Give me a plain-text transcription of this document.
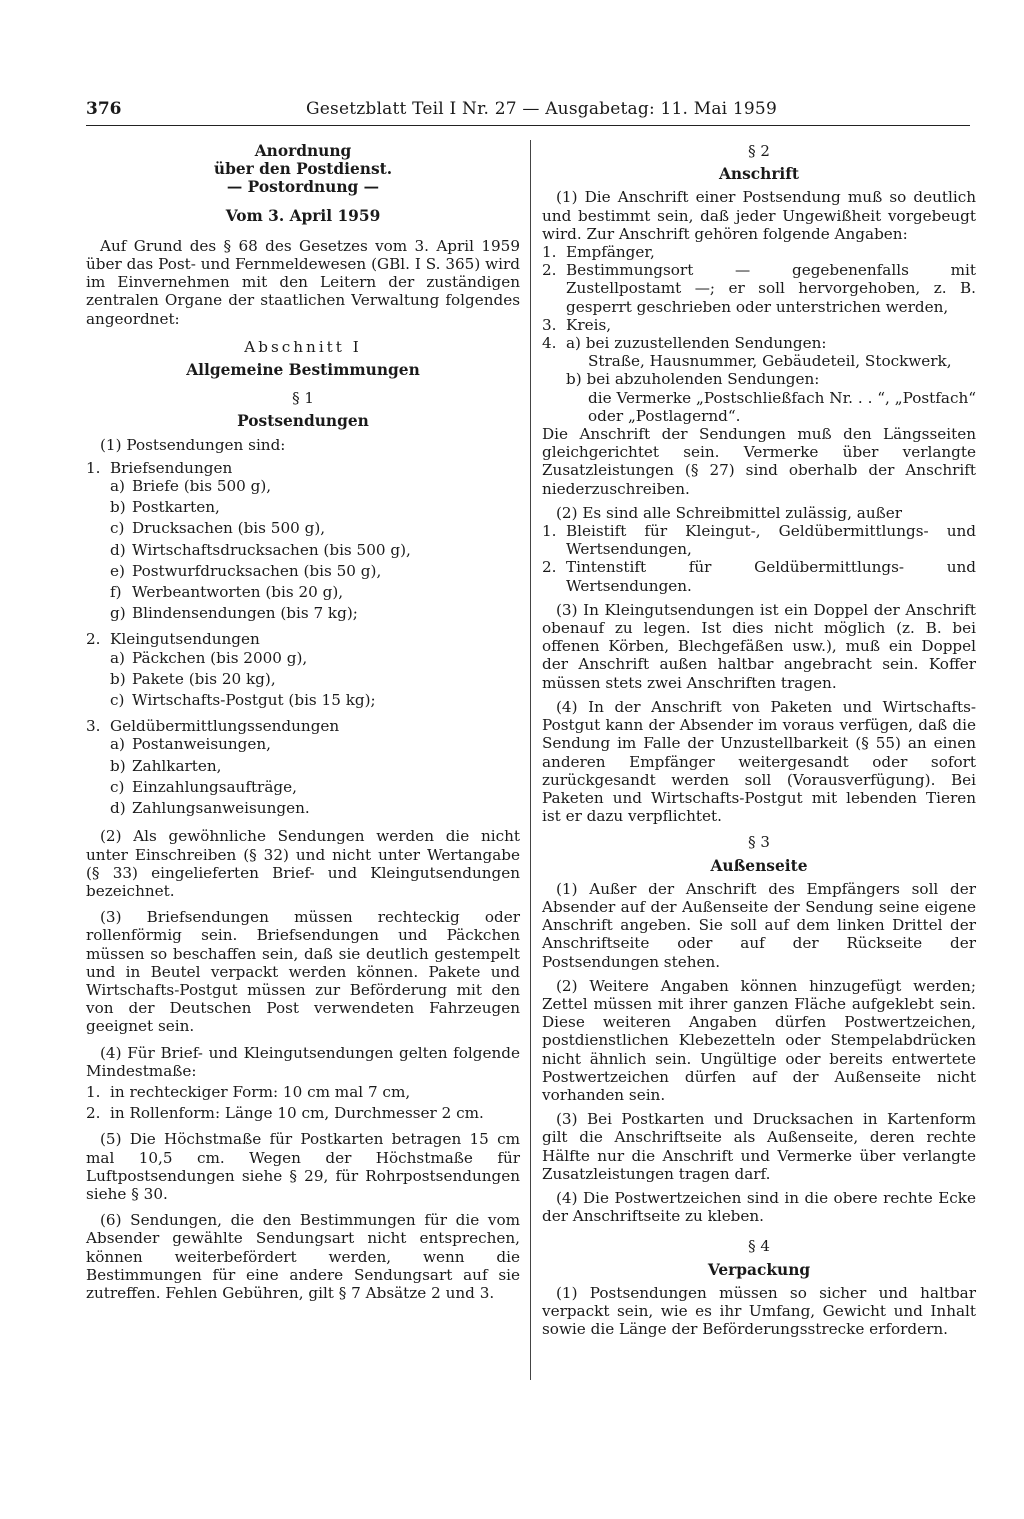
376	Gesetzblatt Teil I Nr. 27 — Ausgabetag: 11. Mai 1959
Anordnung
über den Postdienst.
— Postordnung —
Vom 3. April 1959

Auf Grund des § 68 des Gesetzes vom 3. April 1959 über das Post- und Fernmeldewesen (GBl. I S. 365) wird im Einvernehmen mit den Leitern der zuständigen zentralen Organe der staatlichen Verwaltung folgendes angeordnet:

Abschnitt I
Allgemeine Bestimmungen
§ 1
Postsendungen

(1) Postsendungen sind:

1. Briefsendungen
a) Briefe (bis 500 g),
b) Postkarten,
c) Drucksachen (bis 500 g),
d) Wirtschaftsdrucksachen (bis 500 g),
e) Postwurfdrucksachen (bis 50 g),
f) Werbeantworten (bis 20 g),
g) Blindensendungen (bis 7 kg);
2. Kleingutsendungen
a) Päckchen (bis 2000 g),
b) Pakete (bis 20 kg),
c) Wirtschafts-Postgut (bis 15 kg);
3. Geldübermittlungssendungen
a) Postanweisungen,
b) Zahlkarten,
c) Einzahlungsaufträge,
d) Zahlungsanweisungen.

(2) Als gewöhnliche Sendungen werden die nicht unter Einschreiben (§ 32) und nicht unter Wertangabe (§ 33) eingelieferten Brief- und Kleingutsendungen bezeichnet.

(3) Briefsendungen müssen rechteckig oder rollenförmig sein. Briefsendungen und Päckchen müssen so beschaffen sein, daß sie deutlich gestempelt und in Beutel verpackt werden können. Pakete und Wirtschafts-Postgut müssen zur Beförderung mit den von der Deutschen Post verwendeten Fahrzeugen geeignet sein.

(4) Für Brief- und Kleingutsendungen gelten folgende Mindestmaße:

1. in rechteckiger Form: 10 cm mal 7 cm,
2. in Rollenform: Länge 10 cm, Durchmesser 2 cm.

(5) Die Höchstmaße für Postkarten betragen 15 cm mal 10,5 cm. Wegen der Höchstmaße für Luftpostsendungen siehe § 29, für Rohrpostsendungen siehe § 30.

(6) Sendungen, die den Bestimmungen für die vom Absender gewählte Sendungsart nicht entsprechen, können weiterbefördert werden, wenn die Bestimmungen für eine andere Sendungsart auf sie zutreffen. Fehlen Gebühren, gilt § 7 Absätze 2 und 3.

§ 2
Anschrift

(1) Die Anschrift einer Postsendung muß so deutlich und bestimmt sein, daß jeder Ungewißheit vorgebeugt wird. Zur Anschrift gehören folgende Angaben:

1. Empfänger,
2. Bestimmungsort — gegebenenfalls mit Zustellpostamt —; er soll hervorgehoben, z. B. gesperrt geschrieben oder unterstrichen werden,
3. Kreis,
4. a) bei zuzustellenden Sendungen:
Straße, Hausnummer, Gebäudeteil, Stockwerk,
b) bei abzuholenden Sendungen:
die Vermerke „Postschließfach Nr. . . “, „Postfach“ oder „Postlagernd“.

Die Anschrift der Sendungen muß den Längsseiten gleichgerichtet sein. Vermerke über verlangte Zusatzleistungen (§ 27) sind oberhalb der Anschrift niederzuschreiben.

(2) Es sind alle Schreibmittel zulässig, außer

1. Bleistift für Kleingut-, Geldübermittlungs- und Wertsendungen,
2. Tintenstift für Geldübermittlungs- und Wertsendungen.

(3) In Kleingutsendungen ist ein Doppel der Anschrift obenauf zu legen. Ist dies nicht möglich (z. B. bei offenen Körben, Blechgefäßen usw.), muß ein Doppel der Anschrift außen haltbar angebracht sein. Koffer müssen stets zwei Anschriften tragen.

(4) In der Anschrift von Paketen und Wirtschafts-Postgut kann der Absender im voraus verfügen, daß die Sendung im Falle der Unzustellbarkeit (§ 55) an einen anderen Empfänger weitergesandt oder sofort zurückgesandt werden soll (Vorausverfügung). Bei Paketen und Wirtschafts-Postgut mit lebenden Tieren ist er dazu verpflichtet.

§ 3
Außenseite

(1) Außer der Anschrift des Empfängers soll der Absender auf der Außenseite der Sendung seine eigene Anschrift angeben. Sie soll auf dem linken Drittel der Anschriftseite oder auf der Rückseite der Postsendungen stehen.

(2) Weitere Angaben können hinzugefügt werden; Zettel müssen mit ihrer ganzen Fläche aufgeklebt sein. Diese weiteren Angaben dürfen Postwertzeichen, postdienstlichen Klebezetteln oder Stempelabdrücken nicht ähnlich sein. Ungültige oder bereits entwertete Postwertzeichen dürfen auf der Außenseite nicht vorhanden sein.

(3) Bei Postkarten und Drucksachen in Kartenform gilt die Anschriftseite als Außenseite, deren rechte Hälfte nur die Anschrift und Vermerke über verlangte Zusatzleistungen tragen darf.

(4) Die Postwertzeichen sind in die obere rechte Ecke der Anschriftseite zu kleben.

§ 4
Verpackung

(1) Postsendungen müssen so sicher und haltbar verpackt sein, wie es ihr Umfang, Gewicht und Inhalt sowie die Länge der Beförderungsstrecke erfordern.
